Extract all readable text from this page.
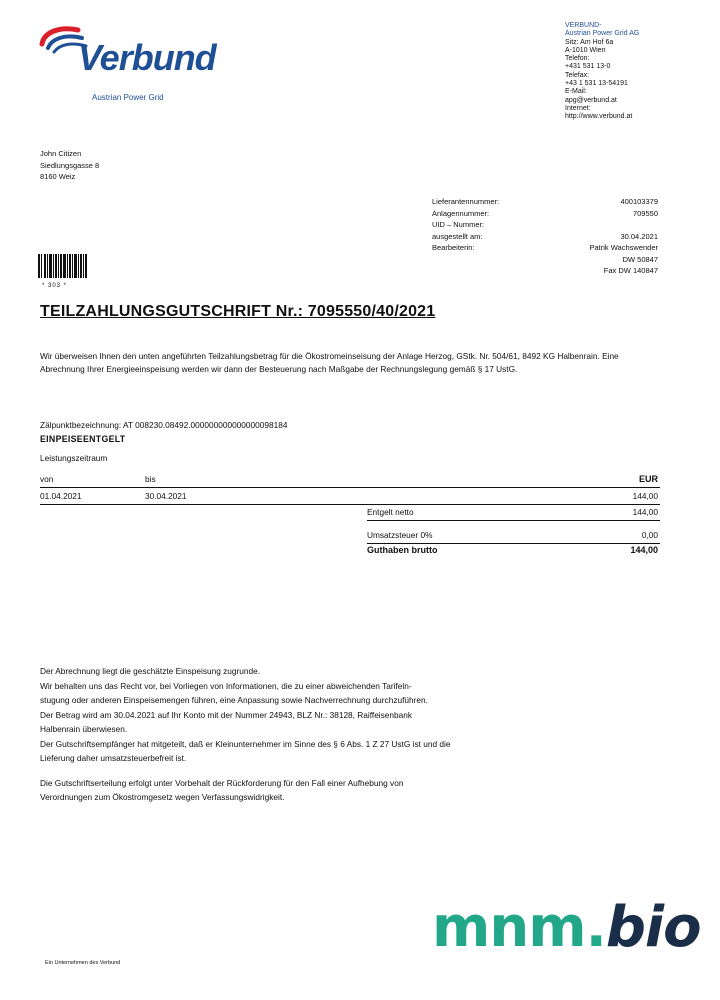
Verbund
Austrian Power Grid
VERBUND-
Austrian Power Grid AG
Sitz: Am Hof 6a
A-1010 Wien
Telefon:
+431 531 13-0
Telefax:
+43 1 531 13-54191
E-Mail:
apg@verbund.at
Internet:
http://www.verbund.at
John Citizen
Siedlungsgasse 8
8160 Weiz
Lieferantennummer:	400103379
Anlagennummer:	709550
UID – Nummer:
ausgestellt am:	30.04.2021
Bearbeiterin:	Patrik Wachswender
DW 50847
Fax DW 140847
* 303 *
TEILZAHLUNGSGUTSCHRIFT Nr.: 7095550/40/2021
Wir überweisen Ihnen den unten angeführten Teilzahlungsbetrag für die Ökostromeinseisung der Anlage Herzog, GStk. Nr. 504/61, 8492 KG Halbenrain. Eine Abrechnung Ihrer Energieeinspeisung werden wir dann der Besteuerung nach Maßgabe der Rechnungslegung gemäß § 17 UstG.
Zälpunktbezeichnung: AT 008230.08492.000000000000000098184
EINPEISEENTGELT
Leistungszeitraum
von	bis	EUR
01.04.2021	30.04.2021	144,00
Entgelt netto	144,00
Umsatzsteuer 0%	0,00
Guthaben brutto	144,00
Der Abrechnung liegt die geschätzte Einspeisung zugrunde.
Wir behalten uns das Recht vor, bei Vorliegen von Informationen, die zu einer abweichenden Tarifeln-
stugung oder anderen Einspeisemengen führen, eine Anpassung sowie Nachverrechnung durchzuführen.
Der Betrag wird am 30.04.2021 auf Ihr Konto mit der Nummer 24943, BLZ Nr.: 38128, Raiffeisenbank
Halbenrain überwiesen.
Der Gutschriftsempfänger hat mitgeteilt, daß er Kleinunternehmer im Sinne des § 6 Abs. 1 Z 27 UstG ist und die
Lieferung daher umsatzsteuerbefreit ist.
Die Gutschriftserteilung erfolgt unter Vorbehalt der Rückforderung für den Fall einer Aufhebung von
Verordnungen zum Ökostromgesetz wegen Verfassungswidrigkeit.
mnm.bio
Ein Unternehmen des Verbund
